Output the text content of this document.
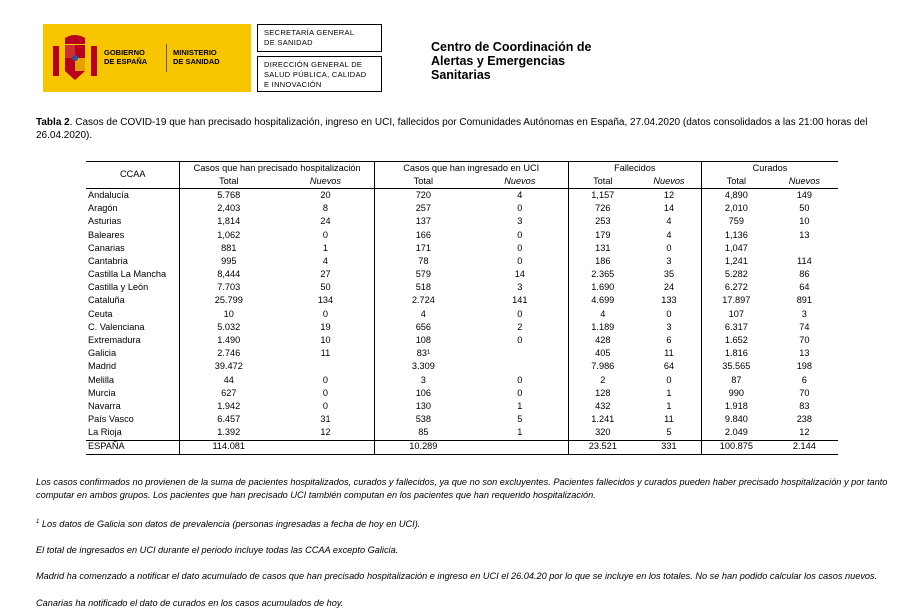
GOBIERNO
DE ESPAÑA
MINISTERIO
DE SANIDAD
SECRETARÍA GENERAL
DE SANIDAD
DIRECCIÓN GENERAL DE
SALUD PÚBLICA, CALIDAD
E INNOVACIÓN
Centro de Coordinación de
Alertas y Emergencias
Sanitarias
Tabla 2. Casos de COVID-19 que han precisado hospitalización, ingreso en UCI, fallecidos por Comunidades Autónomas en España, 27.04.2020 (datos consolidados a las 21:00 horas del 26.04.2020).
CCAA	Casos que han precisado hospitalización		Casos que han ingresado en UCI		Fallecidos		Curados	
	Total	Nuevos	Total	Nuevos	Total	Nuevos	Total	Nuevos
Andalucía	5.768	20	720	4	1,157	12	4,890	149
Aragón	2,403	8	257	0	726	14	2,010	50
Asturias	1,814	24	137	3	253	4	759	10
Baleares	1,062	0	166	0	179	4	1,136	13
Canarias	881	1	171	0	131	0	1,047	
Cantabria	995	4	78	0	186	3	1,241	114
Castilla La Mancha	8,444	27	579	14	2.365	35	5.282	86
Castilla y León	7.703	50	518	3	1.690	24	6.272	64
Cataluña	25.799	134	2.724	141	4.699	133	17.897	891
Ceuta	10	0	4	0	4	0	107	3
C. Valenciana	5.032	19	656	2	1.189	3	6.317	74
Extremadura	1.490	10	108	0	428	6	1.652	70
Galicia	2.746	11	83¹		405	11	1.816	13
Madrid	39.472		3.309		7.986	64	35.565	198
Melilla	44	0	3	0	2	0	87	6
Murcia	627	0	106	0	128	1	990	70
Navarra	1.942	0	130	1	432	1	1.918	83
País Vasco	6.457	31	538	5	1.241	11	9.840	238
La Rioja	1.392	12	85	1	320	5	2.049	12
ESPAÑA	114.081		10.289		23.521	331	100.875	2.144
Los casos confirmados no provienen de la suma de pacientes hospitalizados, curados y fallecidos, ya que no son excluyentes. Pacientes fallecidos y curados pueden haber precisado hospitalización y por tanto computar en ambos grupos. Los pacientes que han precisado UCI también computan en los pacientes que han requerido hospitalización.
$^1$ Los datos de Galicia son datos de prevalencia (personas ingresadas a fecha de hoy en UCI).
El total de ingresados en UCI durante el periodo incluye todas las CCAA excepto Galicia.
Madrid ha comenzado a notificar el dato acumulado de casos que han precisado hospitalización e ingreso en UCI el 26.04.20 por lo que se incluye en los totales. No se han podido calcular los casos nuevos.
Canarias ha notificado el dato de curados en los casos acumulados de hoy.
